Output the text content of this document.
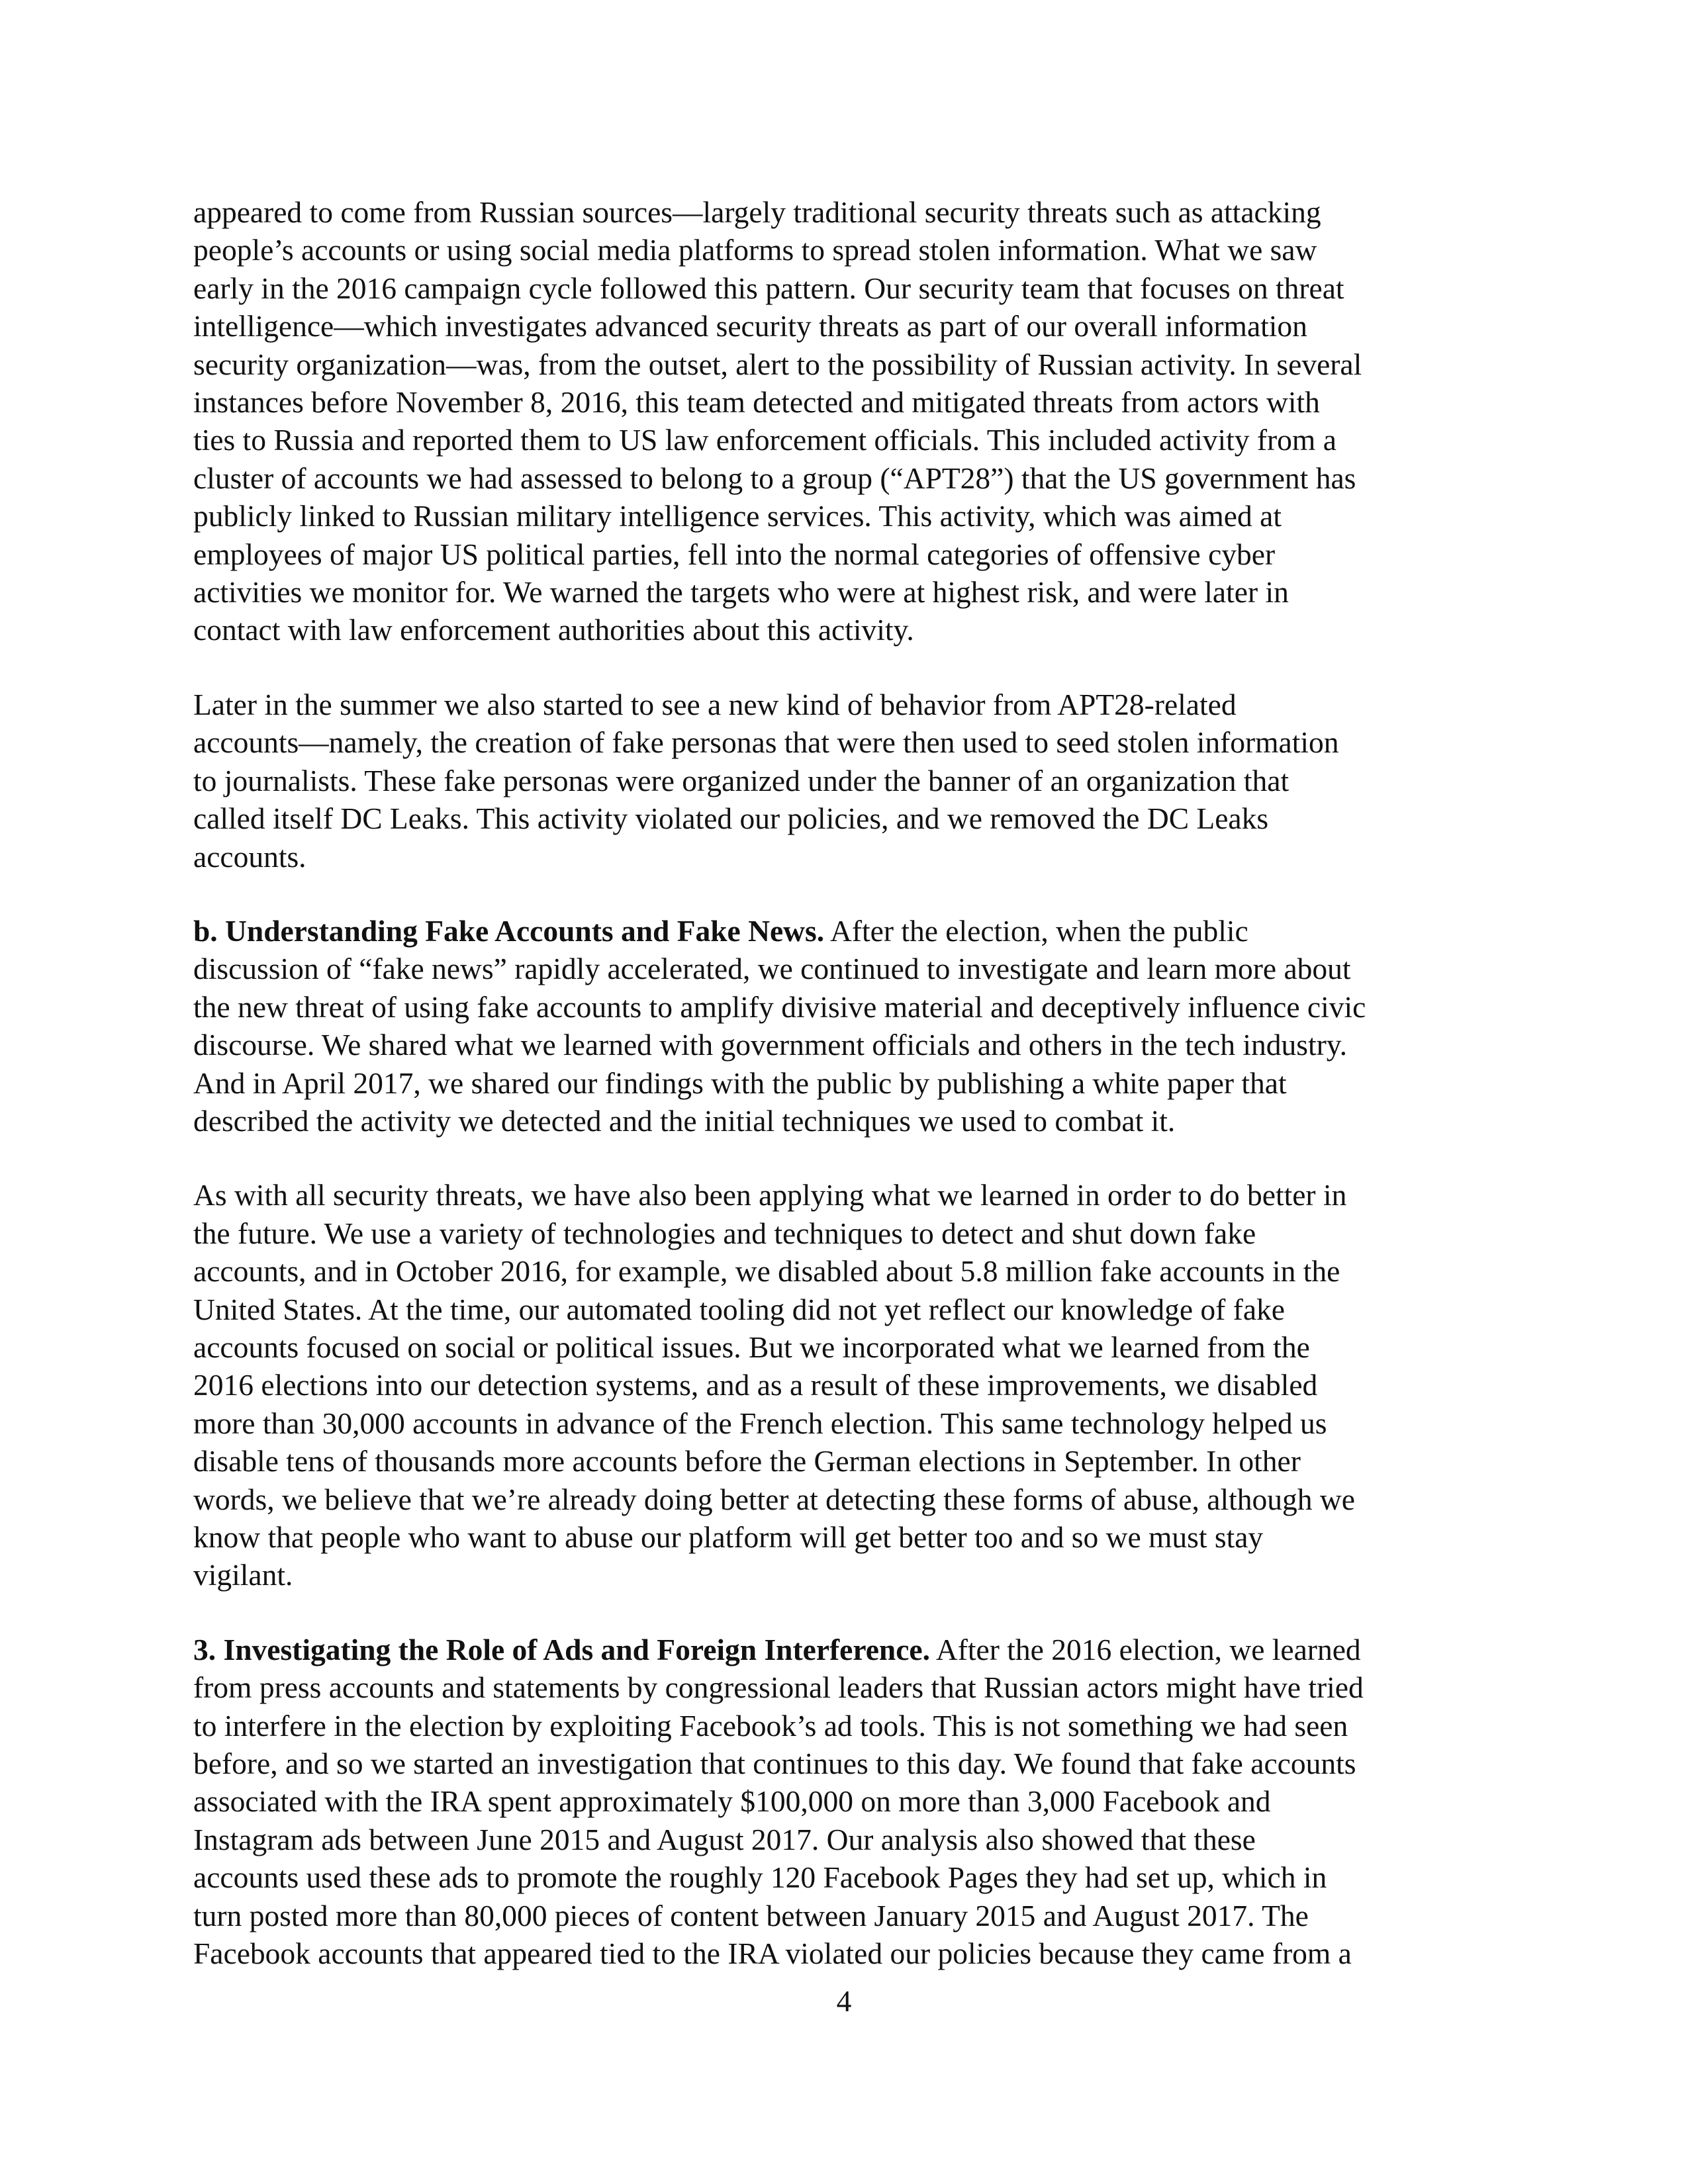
appeared to come from Russian sources—largely traditional security threats such as attacking
people’s accounts or using social media platforms to spread stolen information. What we saw
early in the 2016 campaign cycle followed this pattern. Our security team that focuses on threat
intelligence—which investigates advanced security threats as part of our overall information
security organization—was, from the outset, alert to the possibility of Russian activity. In several
instances before November 8, 2016, this team detected and mitigated threats from actors with
ties to Russia and reported them to US law enforcement officials. This included activity from a
cluster of accounts we had assessed to belong to a group (“APT28”) that the US government has
publicly linked to Russian military intelligence services. This activity, which was aimed at
employees of major US political parties, fell into the normal categories of offensive cyber
activities we monitor for. We warned the targets who were at highest risk, and were later in
contact with law enforcement authorities about this activity.

Later in the summer we also started to see a new kind of behavior from APT28-related
accounts—namely, the creation of fake personas that were then used to seed stolen information
to journalists. These fake personas were organized under the banner of an organization that
called itself DC Leaks. This activity violated our policies, and we removed the DC Leaks
accounts.

b. Understanding Fake Accounts and Fake News. After the election, when the public
discussion of “fake news” rapidly accelerated, we continued to investigate and learn more about
the new threat of using fake accounts to amplify divisive material and deceptively influence civic
discourse. We shared what we learned with government officials and others in the tech industry.
And in April 2017, we shared our findings with the public by publishing a white paper that
described the activity we detected and the initial techniques we used to combat it.

As with all security threats, we have also been applying what we learned in order to do better in
the future. We use a variety of technologies and techniques to detect and shut down fake
accounts, and in October 2016, for example, we disabled about 5.8 million fake accounts in the
United States. At the time, our automated tooling did not yet reflect our knowledge of fake
accounts focused on social or political issues. But we incorporated what we learned from the
2016 elections into our detection systems, and as a result of these improvements, we disabled
more than 30,000 accounts in advance of the French election. This same technology helped us
disable tens of thousands more accounts before the German elections in September. In other
words, we believe that we’re already doing better at detecting these forms of abuse, although we
know that people who want to abuse our platform will get better too and so we must stay
vigilant.

3. Investigating the Role of Ads and Foreign Interference. After the 2016 election, we learned
from press accounts and statements by congressional leaders that Russian actors might have tried
to interfere in the election by exploiting Facebook’s ad tools. This is not something we had seen
before, and so we started an investigation that continues to this day. We found that fake accounts
associated with the IRA spent approximately $100,000 on more than 3,000 Facebook and
Instagram ads between June 2015 and August 2017. Our analysis also showed that these
accounts used these ads to promote the roughly 120 Facebook Pages they had set up, which in
turn posted more than 80,000 pieces of content between January 2015 and August 2017. The
Facebook accounts that appeared tied to the IRA violated our policies because they came from a

4
